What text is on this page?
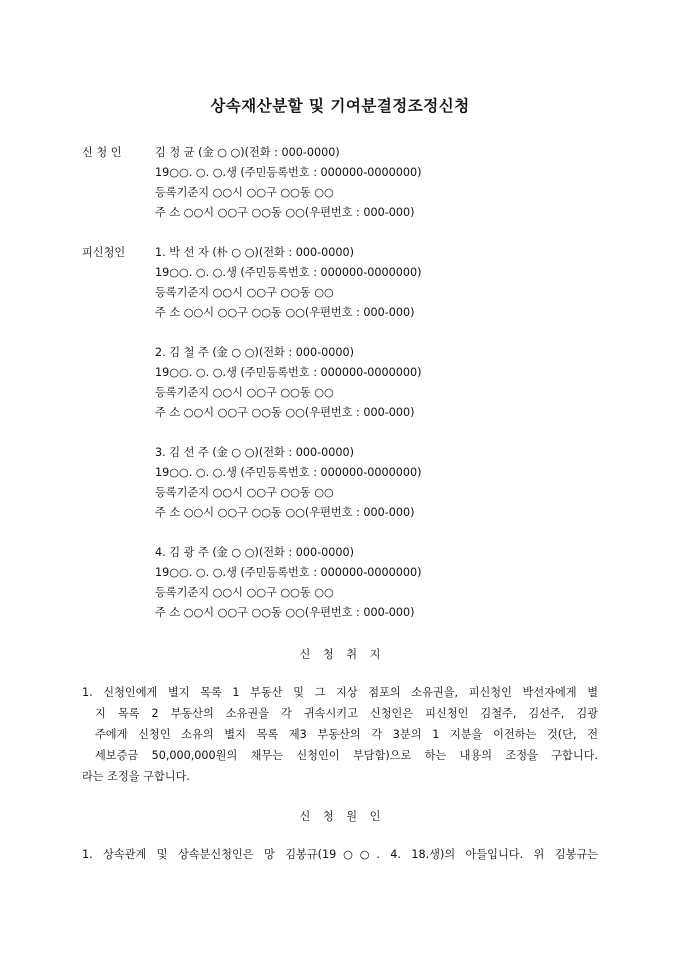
상속재산분할 및 기여분결정조정신청
신 청 인	김 정 균 (金 ○ ○)(전화 : 000-0000)
19○○. ○. ○.생 (주민등록번호 : 000000-0000000)
등록기준지 ○○시 ○○구 ○○동 ○○
주 소 ○○시 ○○구 ○○동 ○○(우편번호 : 000-000)
피신청인	1. 박 선 자 (朴 ○ ○)(전화 : 000-0000)
19○○. ○. ○.생 (주민등록번호 : 000000-0000000)
등록기준지 ○○시 ○○구 ○○동 ○○
주 소 ○○시 ○○구 ○○동 ○○(우편번호 : 000-000)
2. 김 철 주 (金 ○ ○)(전화 : 000-0000)
19○○. ○. ○.생 (주민등록번호 : 000000-0000000)
등록기준지 ○○시 ○○구 ○○동 ○○
주 소 ○○시 ○○구 ○○동 ○○(우편번호 : 000-000)
3. 김 선 주 (金 ○ ○)(전화 : 000-0000)
19○○. ○. ○.생 (주민등록번호 : 000000-0000000)
등록기준지 ○○시 ○○구 ○○동 ○○
주 소 ○○시 ○○구 ○○동 ○○(우편번호 : 000-000)
4. 김 광 주 (金 ○ ○)(전화 : 000-0000)
19○○. ○. ○.생 (주민등록번호 : 000000-0000000)
등록기준지 ○○시 ○○구 ○○동 ○○
주 소 ○○시 ○○구 ○○동 ○○(우편번호 : 000-000)
신 청 취 지
1. 신청인에게 별지 목록 1 부동산 및 그 지상 점포의 소유권을, 피신청인 박선자에게 별
지 목록 2 부동산의 소유권을 각 귀속시키고 신청인은 피신청인 김철주, 김선주, 김광
주에게 신청인 소유의 별지 목록 제3 부동산의 각 3분의 1 지분을 이전하는 것(단, 전
세보증금 50,000,000원의 채무는 신청인이 부담함)으로 하는 내용의 조정을 구합니다.
라는 조정을 구합니다.
신 청 원 인
1. 상속관계 및 상속분신청인은 망 김봉규(19○○. 4. 18.생)의 아들입니다. 위 김봉규는
